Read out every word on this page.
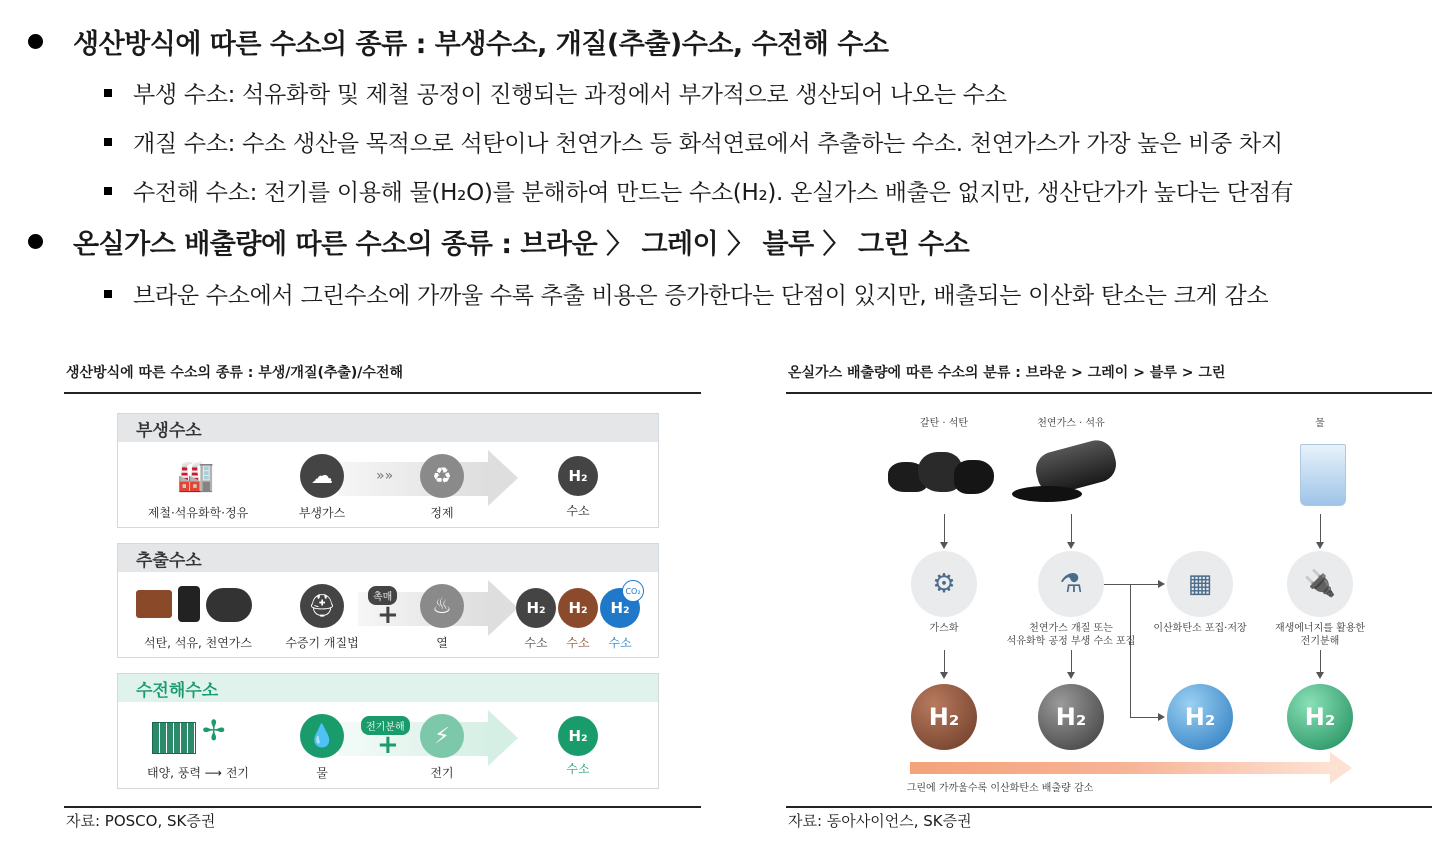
생산방식에 따른 수소의 종류 : 부생수소, 개질(추출)수소, 수전해 수소
부생 수소: 석유화학 및 제철 공정이 진행되는 과정에서 부가적으로 생산되어 나오는 수소
개질 수소: 수소 생산을 목적으로 석탄이나 천연가스 등 화석연료에서 추출하는 수소. 천연가스가 가장 높은 비중 차지
수전해 수소: 전기를 이용해 물(H₂O)를 분해하여 만드는 수소(H₂). 온실가스 배출은 없지만, 생산단가가 높다는 단점有
온실가스 배출량에 따른 수소의 종류 : 브라운 〉 그레이 〉 블루 〉 그린 수소
브라운 수소에서 그린수소에 가까울 수록 추출 비용은 증가한다는 단점이 있지만, 배출되는 이산화 탄소는 크게 감소
생산방식에 따른 수소의 종류 : 부생/개질(추출)/수전해
부생수소
🏭
제철·석유화학·정유
☁	»»
부생가스
♻
정제
H₂
수소
추출수소
석탄, 석유, 천연가스
⛑
수증기 개질법
촉매
+	♨
열
H₂	H₂	H₂
CO₂
수소 수소 수소
수전해수소
✢
태양, 풍력 ⟶ 전기
💧
물
전기분해
+	⚡
전기
H₂
수소
자료: POSCO, SK증권
온실가스 배출량에 따른 수소의 분류 : 브라운 > 그레이 > 블루 > 그린
갈탄 · 석탄	천연가스 · 석유	물
⚙	⚗	▦	🔌
가스화	천연가스 개질 또는
석유화학 공정 부생 수소 포집
이산화탄소 포집·저장	재생에너지를 활용한
전기분해
H₂	H₂	H₂	H₂
그린에 가까울수록 이산화탄소 배출량 감소
자료: 동아사이언스, SK증권
